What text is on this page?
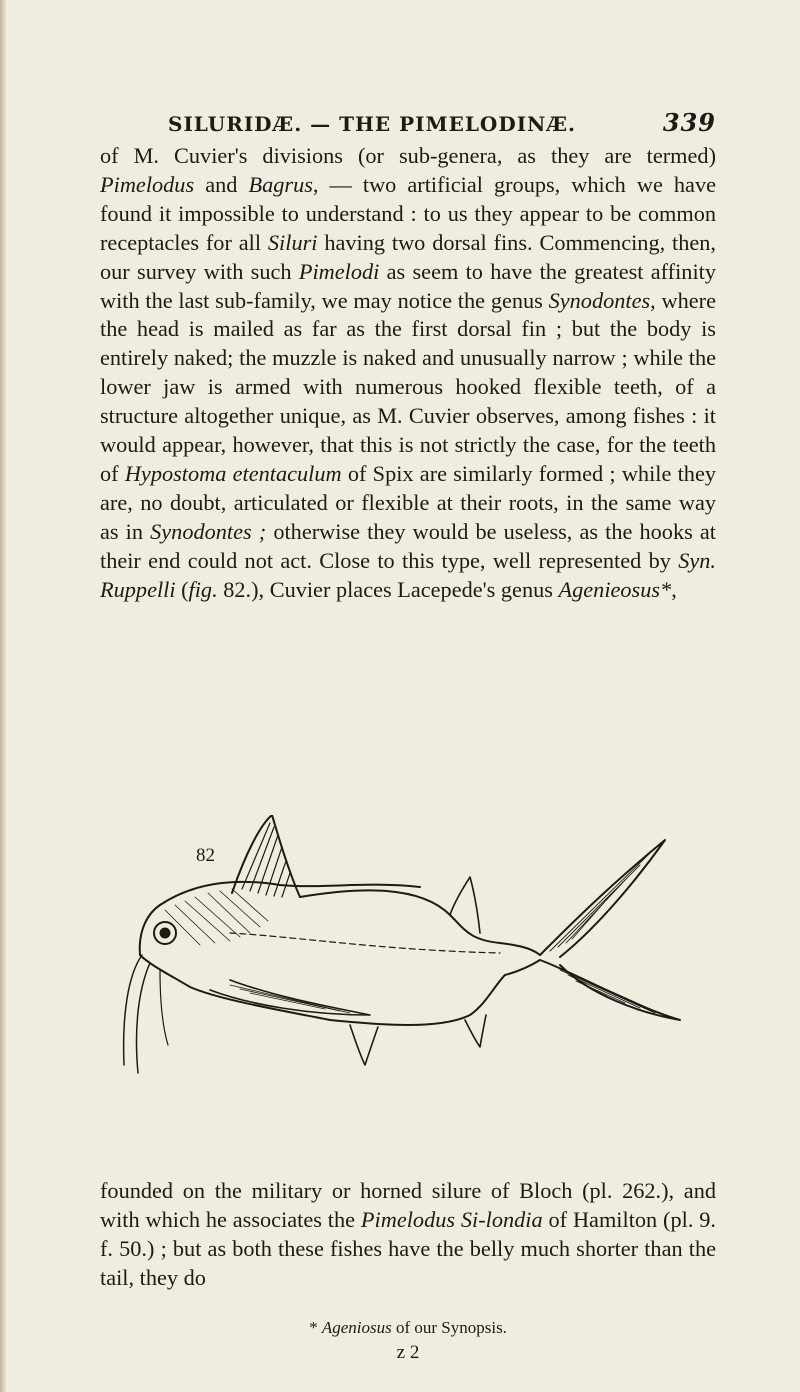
SILURIDÆ. — THE PIMELODINÆ.	339

of M. Cuvier's divisions (or sub-genera, as they are termed) Pimelodus and Bagrus, — two artificial groups, which we have found it impossible to understand : to us they appear to be common receptacles for all Siluri having two dorsal fins. Commencing, then, our survey with such Pimelodi as seem to have the greatest affinity with the last sub-family, we may notice the genus Synodontes, where the head is mailed as far as the first dorsal fin ; but the body is entirely naked; the muzzle is naked and unusually narrow ; while the lower jaw is armed with numerous hooked flexible teeth, of a structure altogether unique, as M. Cuvier observes, among fishes : it would appear, however, that this is not strictly the case, for the teeth of Hypostoma etentaculum of Spix are similarly formed ; while they are, no doubt, articulated or flexible at their roots, in the same way as in Synodontes ; otherwise they would be useless, as the hooks at their end could not act. Close to this type, well represented by Syn. Ruppelli (fig. 82.), Cuvier places Lacepede's genus Agenieosus*,

82

founded on the military or horned silure of Bloch (pl. 262.), and with which he associates the Pimelodus Si-londia of Hamilton (pl. 9. f. 50.) ; but as both these fishes have the belly much shorter than the tail, they do

* Ageniosus of our Synopsis.
z 2
